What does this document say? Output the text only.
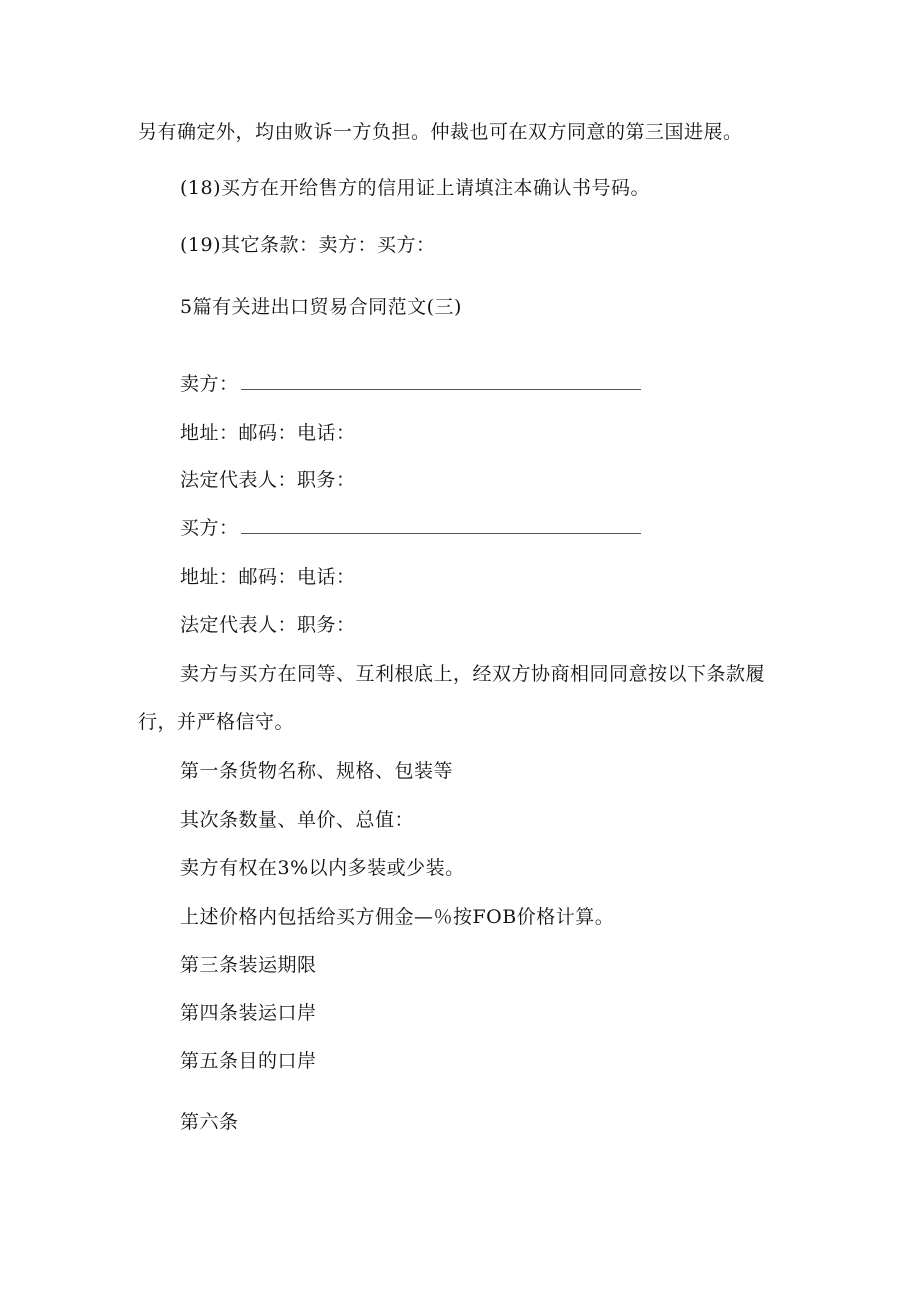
另有确定外，均由败诉一方负担。仲裁也可在双方同意的第三国进展。
(18)买方在开给售方的信用证上请填注本确认书号码。
(19)其它条款：卖方：买方：
5篇有关进出口贸易合同范文(三)
卖方：
地址：邮码：电话：
法定代表人：职务：
买方：
地址：邮码：电话：
法定代表人：职务：
卖方与买方在同等、互利根底上，经双方协商相同同意按以下条款履
行，并严格信守。
第一条货物名称、规格、包装等
其次条数量、单价、总值：
卖方有权在3%以内多装或少装。
上述价格内包括给买方佣金—％按FOB价格计算。
第三条装运期限
第四条装运口岸
第五条目的口岸
第六条
